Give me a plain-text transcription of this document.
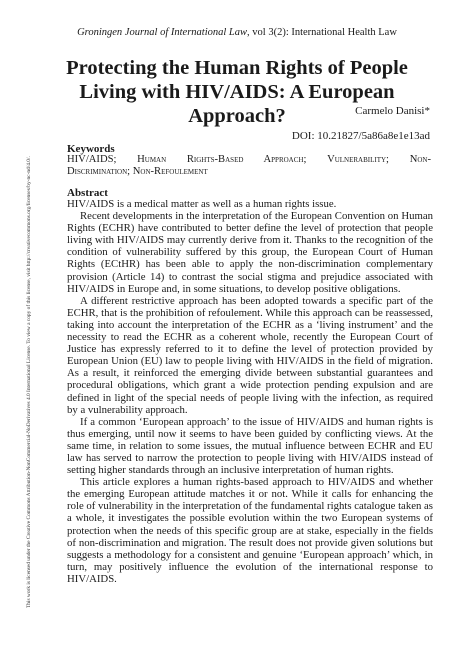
Groningen Journal of International Law, vol 3(2): International Health Law
This work is licensed under the Creative Commons Attribution-NonCommercial-NoDerivatives 4.0 International License. To view a copy of this license, visit http://creativecommons.org/licenses/by-nc-nd/4.0/.
Protecting the Human Rights of People Living with HIV/AIDS: A European Approach?	Carmelo Danisi*
DOI: 10.21827/5a86a8e1e13ad
Keywords
HIV/AIDS; Human Rights-Based Approach; Vulnerability; Non-
Discrimination; Non-Refoulement
Abstract

HIV/AIDS is a medical matter as well as a human rights issue.

Recent developments in the interpretation of the European Convention on Human Rights (ECHR) have contributed to better define the level of protection that people living with HIV/AIDS may currently derive from it. Thanks to the recognition of the condition of vulnerability suffered by this group, the European Court of Human Rights (ECtHR) has been able to apply the non-discrimination complementary provision (Article 14) to contrast the social stigma and prejudice associated with HIV/AIDS in Europe and, in some situations, to develop positive obligations.

A different restrictive approach has been adopted towards a specific part of the ECHR, that is the prohibition of refoulement. While this approach can be reassessed, taking into account the interpretation of the ECHR as a ‘living instrument’ and the necessity to read the ECHR as a coherent whole, recently the European Court of Justice has expressly referred to it to define the level of protection provided by European Union (EU) law to people living with HIV/AIDS in the field of migration. As a result, it reinforced the emerging divide between substantial guarantees and procedural obligations, which grant a wide protection pending expulsion and are defined in light of the special needs of people living with the infection, as required by a vulnerability approach.

If a common ‘European approach’ to the issue of HIV/AIDS and human rights is thus emerging, until now it seems to have been guided by conflicting views. At the same time, in relation to some issues, the mutual influence between ECHR and EU law has served to narrow the protection to people living with HIV/AIDS instead of setting higher standards through an inclusive interpretation of human rights.

This article explores a human rights-based approach to HIV/AIDS and whether the emerging European attitude matches it or not. While it calls for enhancing the role of vulnerability in the interpretation of the fundamental rights catalogue taken as a whole, it investigates the possible evolution within the two European systems of protection when the needs of this specific group are at stake, especially in the fields of non-discrimination and migration. The result does not provide given solutions but suggests a methodology for a consistent and genuine ‘European approach’ which, in turn, may positively influence the evolution of the international response to HIV/AIDS.
